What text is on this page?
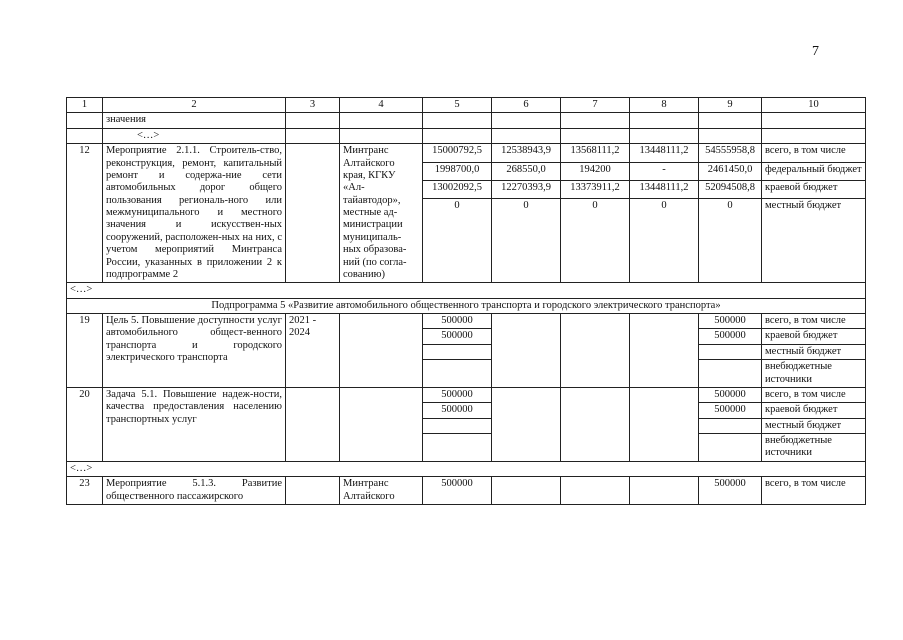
7
1	2	3	4	5	6	7	8	9	10
	значения								
	<…>								
12	Мероприятие 2.1.1. Строитель-ство, реконструкция, ремонт, капитальный ремонт и содержа-ние сети автомобильных дорог общего пользования региональ-ного или межмуниципального и местного значения и искусствен-ных сооружений, расположен-ных на них, с учетом мероприятий Минтранса России, указанных в приложении 2 к подпрограмме 2		Минтранс Алтайского края, КГКУ «Ал-тайавтодор», местные ад-министрации муниципаль-ных образова-ний (по согла-сованию)	15000792,5	12538943,9	13568111,2	13448111,2	54555958,8	всего, в том числе
				1998700,0	268550,0	194200	-	2461450,0	федеральный бюджет
				13002092,5	12270393,9	13373911,2	13448111,2	52094508,8	краевой бюджет
				0	0	0	0	0	местный бюджет
<…>									
Подпрограмма 5 «Развитие автомобильного общественного транспорта и городского электрического транспорта»									
19	Цель 5. Повышение доступности услуг автомобильного общест-венного транспорта и городского электрического транспорта	2021 - 2024		500000				500000	всего, в том числе
				500000				500000	краевой бюджет
									местный бюджет
									внебюджетные источники
20	Задача 5.1. Повышение надеж-ности, качества предоставления населению транспортных услуг			500000				500000	всего, в том числе
				500000				500000	краевой бюджет
									местный бюджет
									внебюджетные источники
<…>									
23	Мероприятие 5.1.3. Развитие общественного пассажирского		Минтранс Алтайского	500000				500000	всего, в том числе
